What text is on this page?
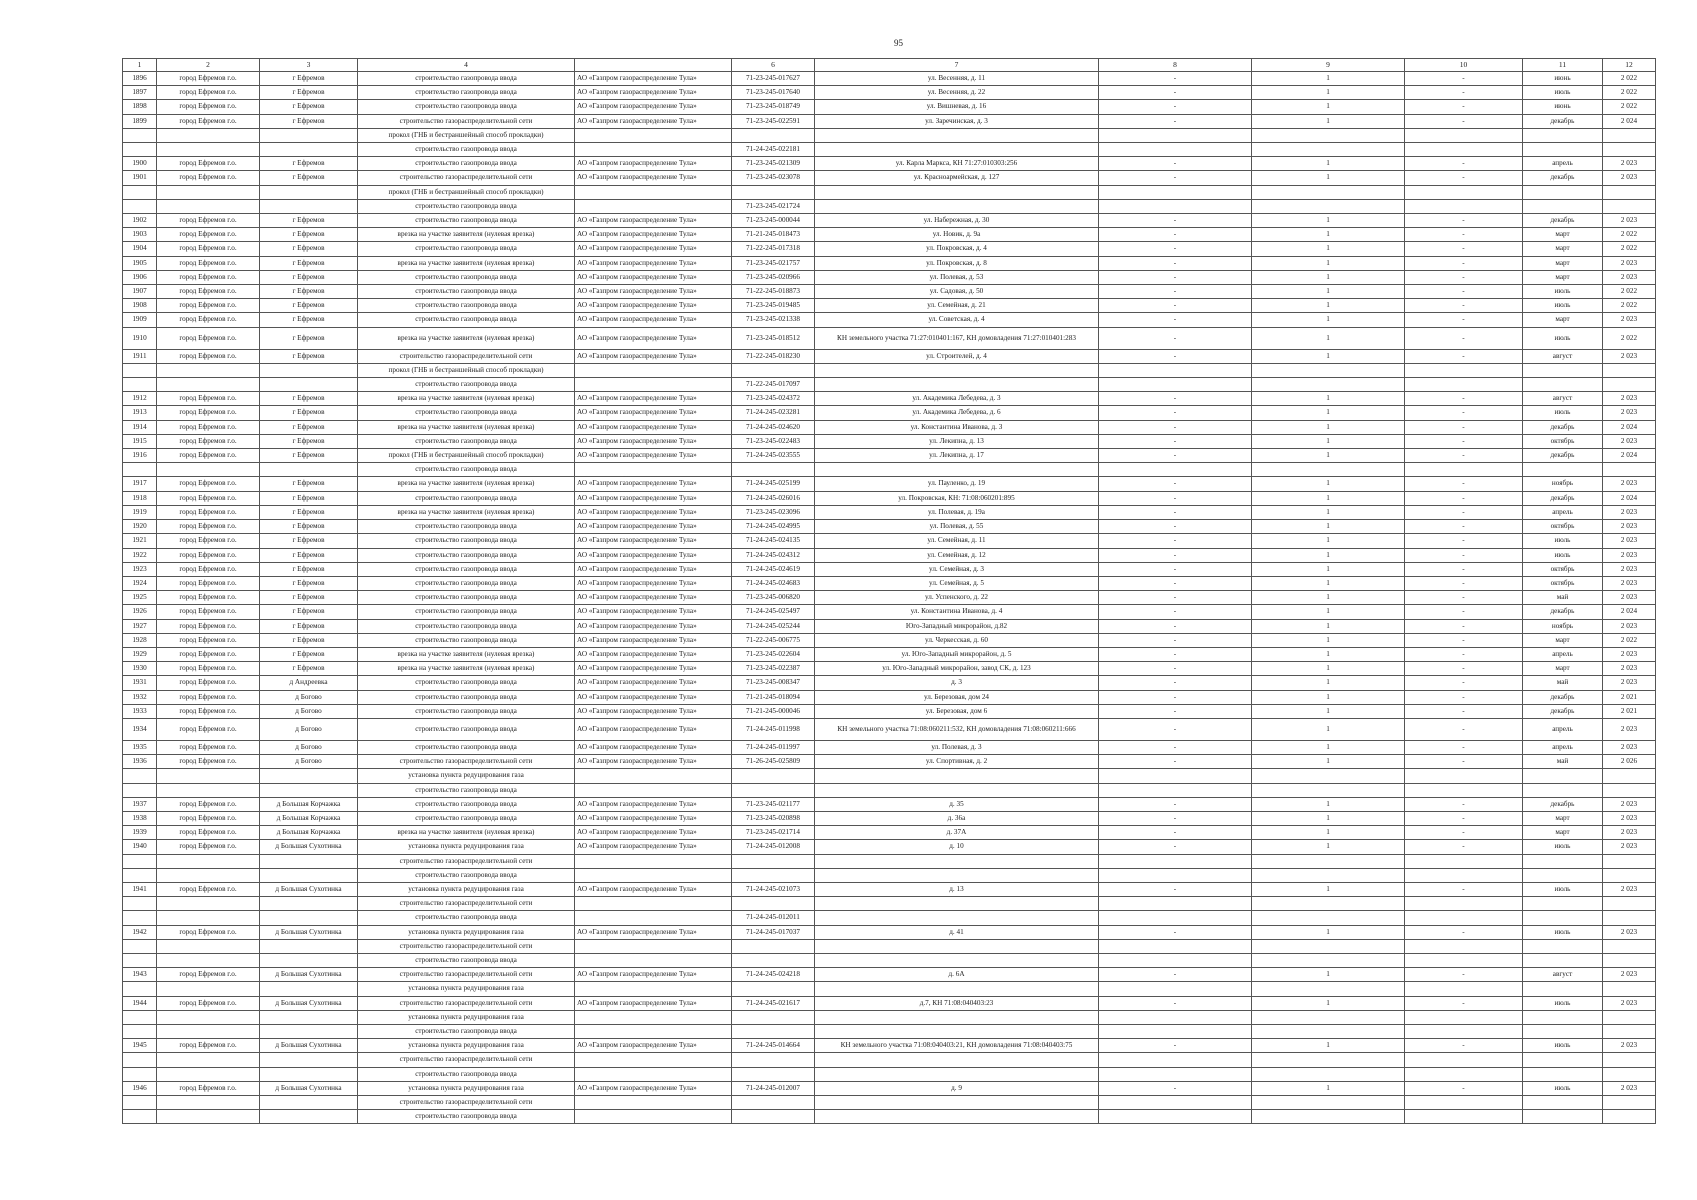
95
1	2	3	4		6	7	8	9	10	11	12
1896	город Ефремов г.о.	г Ефремов	строительство газопровода ввода	АО «Газпром газораспределение Тула»	71-23-245-017627	ул. Весенняя, д. 11	-	1	-	июнь	2 022
1897	город Ефремов г.о.	г Ефремов	строительство газопровода ввода	АО «Газпром газораспределение Тула»	71-23-245-017640	ул. Весенняя, д. 22	-	1	-	июль	2 022
1898	город Ефремов г.о.	г Ефремов	строительство газопровода ввода	АО «Газпром газораспределение Тула»	71-23-245-018749	ул. Вишневая, д. 16	-	1	-	июнь	2 022
1899	город Ефремов г.о.	г Ефремов	строительство газораспределительной сети	АО «Газпром газораспределение Тула»	71-23-245-022591	ул. Заречинская, д. 3	-	1	-	декабрь	2 024
			прокол (ГНБ и бестраншейный способ прокладки)								
			строительство газопровода ввода		71-24-245-022181						
1900	город Ефремов г.о.	г Ефремов	строительство газопровода ввода	АО «Газпром газораспределение Тула»	71-23-245-021309	ул. Карла Маркса, КН 71:27:010303:256	-	1	-	апрель	2 023
1901	город Ефремов г.о.	г Ефремов	строительство газораспределительной сети	АО «Газпром газораспределение Тула»	71-23-245-023078	ул. Красноармейская, д. 127	-	1	-	декабрь	2 023
			прокол (ГНБ и бестраншейный способ прокладки)								
			строительство газопровода ввода		71-23-245-021724						
1902	город Ефремов г.о.	г Ефремов	строительство газопровода ввода	АО «Газпром газораспределение Тула»	71-23-245-000044	ул. Набережная, д. 30	-	1	-	декабрь	2 023
1903	город Ефремов г.о.	г Ефремов	врезка на участке заявителя (нулевая врезка)	АО «Газпром газораспределение Тула»	71-21-245-018473	ул. Новик, д. 9а	-	1	-	март	2 022
1904	город Ефремов г.о.	г Ефремов	строительство газопровода ввода	АО «Газпром газораспределение Тула»	71-22-245-017318	ул. Покровская, д. 4	-	1	-	март	2 022
1905	город Ефремов г.о.	г Ефремов	врезка на участке заявителя (нулевая врезка)	АО «Газпром газораспределение Тула»	71-23-245-021757	ул. Покровская, д. 8	-	1	-	март	2 023
1906	город Ефремов г.о.	г Ефремов	строительство газопровода ввода	АО «Газпром газораспределение Тула»	71-23-245-020966	ул. Полевая, д. 53	-	1	-	март	2 023
1907	город Ефремов г.о.	г Ефремов	строительство газопровода ввода	АО «Газпром газораспределение Тула»	71-22-245-018873	ул. Садовая, д. 50	-	1	-	июль	2 022
1908	город Ефремов г.о.	г Ефремов	строительство газопровода ввода	АО «Газпром газораспределение Тула»	71-23-245-019485	ул. Семейная, д. 21	-	1	-	июль	2 022
1909	город Ефремов г.о.	г Ефремов	строительство газопровода ввода	АО «Газпром газораспределение Тула»	71-23-245-021338	ул. Советская, д. 4	-	1	-	март	2 023
1910	город Ефремов г.о.	г Ефремов	врезка на участке заявителя (нулевая врезка)	АО «Газпром газораспределение Тула»	71-23-245-018512	КН земельного участка 71:27:010401:167, КН домовладения 71:27:010401:283	-	1	-	июль	2 022
1911	город Ефремов г.о.	г Ефремов	строительство газораспределительной сети	АО «Газпром газораспределение Тула»	71-22-245-018230	ул. Строителей, д. 4	-	1	-	август	2 023
			прокол (ГНБ и бестраншейный способ прокладки)								
			строительство газопровода ввода		71-22-245-017097						
1912	город Ефремов г.о.	г Ефремов	врезка на участке заявителя (нулевая врезка)	АО «Газпром газораспределение Тула»	71-23-245-024372	ул. Академика Лебедева, д. 3	-	1	-	август	2 023
1913	город Ефремов г.о.	г Ефремов	строительство газопровода ввода	АО «Газпром газораспределение Тула»	71-24-245-023281	ул. Академика Лебедева, д. 6	-	1	-	июль	2 023
1914	город Ефремов г.о.	г Ефремов	врезка на участке заявителя (нулевая врезка)	АО «Газпром газораспределение Тула»	71-24-245-024620	ул. Константина Иванова, д. 3	-	1	-	декабрь	2 024
1915	город Ефремов г.о.	г Ефремов	строительство газопровода ввода	АО «Газпром газораспределение Тула»	71-23-245-022483	ул. Лекипна, д. 13	-	1	-	октябрь	2 023
1916	город Ефремов г.о.	г Ефремов	прокол (ГНБ и бестраншейный способ прокладки)	АО «Газпром газораспределение Тула»	71-24-245-023555	ул. Лекипна, д. 17	-	1	-	декабрь	2 024
			строительство газопровода ввода								
1917	город Ефремов г.о.	г Ефремов	врезка на участке заявителя (нулевая врезка)	АО «Газпром газораспределение Тула»	71-24-245-025199	ул. Пауленко, д. 19	-	1	-	ноябрь	2 023
1918	город Ефремов г.о.	г Ефремов	строительство газопровода ввода	АО «Газпром газораспределение Тула»	71-24-245-026016	ул. Покровская, КН: 71:08:060201:895	-	1	-	декабрь	2 024
1919	город Ефремов г.о.	г Ефремов	врезка на участке заявителя (нулевая врезка)	АО «Газпром газораспределение Тула»	71-23-245-023096	ул. Полевая, д. 19а	-	1	-	апрель	2 023
1920	город Ефремов г.о.	г Ефремов	строительство газопровода ввода	АО «Газпром газораспределение Тула»	71-24-245-024995	ул. Полевая, д. 55	-	1	-	октябрь	2 023
1921	город Ефремов г.о.	г Ефремов	строительство газопровода ввода	АО «Газпром газораспределение Тула»	71-24-245-024135	ул. Семейная, д. 11	-	1	-	июль	2 023
1922	город Ефремов г.о.	г Ефремов	строительство газопровода ввода	АО «Газпром газораспределение Тула»	71-24-245-024312	ул. Семейная, д. 12	-	1	-	июль	2 023
1923	город Ефремов г.о.	г Ефремов	строительство газопровода ввода	АО «Газпром газораспределение Тула»	71-24-245-024619	ул. Семейная, д. 3	-	1	-	октябрь	2 023
1924	город Ефремов г.о.	г Ефремов	строительство газопровода ввода	АО «Газпром газораспределение Тула»	71-24-245-024683	ул. Семейная, д. 5	-	1	-	октябрь	2 023
1925	город Ефремов г.о.	г Ефремов	строительство газопровода ввода	АО «Газпром газораспределение Тула»	71-23-245-006820	ул. Успенского, д. 22	-	1	-	май	2 023
1926	город Ефремов г.о.	г Ефремов	строительство газопровода ввода	АО «Газпром газораспределение Тула»	71-24-245-025497	ул. Константина Иванова, д. 4	-	1	-	декабрь	2 024
1927	город Ефремов г.о.	г Ефремов	строительство газопровода ввода	АО «Газпром газораспределение Тула»	71-24-245-025244	Юго-Западный микрорайон, д.82	-	1	-	ноябрь	2 023
1928	город Ефремов г.о.	г Ефремов	строительство газопровода ввода	АО «Газпром газораспределение Тула»	71-22-245-006775	ул. Черкесская, д. 60	-	1	-	март	2 022
1929	город Ефремов г.о.	г Ефремов	врезка на участке заявителя (нулевая врезка)	АО «Газпром газораспределение Тула»	71-23-245-022604	ул. Юго-Западный микрорайон, д. 5	-	1	-	апрель	2 023
1930	город Ефремов г.о.	г Ефремов	врезка на участке заявителя (нулевая врезка)	АО «Газпром газораспределение Тула»	71-23-245-022387	ул. Юго-Западный микрорайон, завод СК, д. 123	-	1	-	март	2 023
1931	город Ефремов г.о.	д Андреевка	строительство газопровода ввода	АО «Газпром газораспределение Тула»	71-23-245-008347	д. 3	-	1	-	май	2 023
1932	город Ефремов г.о.	д Богово	строительство газопровода ввода	АО «Газпром газораспределение Тула»	71-21-245-018094	ул. Березовая, дом 24	-	1	-	декабрь	2 021
1933	город Ефремов г.о.	д Богово	строительство газопровода ввода	АО «Газпром газораспределение Тула»	71-21-245-000046	ул. Березовая, дом 6	-	1	-	декабрь	2 021
1934	город Ефремов г.о.	д Богово	строительство газопровода ввода	АО «Газпром газораспределение Тула»	71-24-245-011998	КН земельного участка 71:08:060211:532, КН домовладения 71:08:060211:666	-	1	-	апрель	2 023
1935	город Ефремов г.о.	д Богово	строительство газопровода ввода	АО «Газпром газораспределение Тула»	71-24-245-011997	ул. Полевая, д. 3	-	1	-	апрель	2 023
1936	город Ефремов г.о.	д Богово	строительство газораспределительной сети	АО «Газпром газораспределение Тула»	71-26-245-025809	ул. Спортивная, д. 2	-	1	-	май	2 026
			установка пункта редуцирования газа								
			строительство газопровода ввода								
1937	город Ефремов г.о.	д Большая Корчажка	строительство газопровода ввода	АО «Газпром газораспределение Тула»	71-23-245-021177	д. 35	-	1	-	декабрь	2 023
1938	город Ефремов г.о.	д Большая Корчажка	строительство газопровода ввода	АО «Газпром газораспределение Тула»	71-23-245-020898	д. 36а	-	1	-	март	2 023
1939	город Ефремов г.о.	д Большая Корчажка	врезка на участке заявителя (нулевая врезка)	АО «Газпром газораспределение Тула»	71-23-245-021714	д. 37А	-	1	-	март	2 023
1940	город Ефремов г.о.	д Большая Сухотинка	установка пункта редуцирования газа	АО «Газпром газораспределение Тула»	71-24-245-012008	д. 10	-	1	-	июль	2 023
			строительство газораспределительной сети								
			строительство газопровода ввода								
1941	город Ефремов г.о.	д Большая Сухотинка	установка пункта редуцирования газа	АО «Газпром газораспределение Тула»	71-24-245-021073	д. 13	-	1	-	июль	2 023
			строительство газораспределительной сети								
			строительство газопровода ввода		71-24-245-012011						
1942	город Ефремов г.о.	д Большая Сухотинка	установка пункта редуцирования газа	АО «Газпром газораспределение Тула»	71-24-245-017037	д. 41	-	1	-	июль	2 023
			строительство газораспределительной сети								
			строительство газопровода ввода								
1943	город Ефремов г.о.	д Большая Сухотинка	строительство газораспределительной сети	АО «Газпром газораспределение Тула»	71-24-245-024218	д. 6А	-	1	-	август	2 023
			установка пункта редуцирования газа								
1944	город Ефремов г.о.	д Большая Сухотинка	строительство газораспределительной сети	АО «Газпром газораспределение Тула»	71-24-245-021617	д.7, КН 71:08:040403:23	-	1	-	июль	2 023
			установка пункта редуцирования газа								
			строительство газопровода ввода								
1945	город Ефремов г.о.	д Большая Сухотинка	установка пункта редуцирования газа	АО «Газпром газораспределение Тула»	71-24-245-014664	КН земельного участка 71:08:040403:21, КН домовладения 71:08:040403:75	-	1	-	июль	2 023
			строительство газораспределительной сети								
			строительство газопровода ввода								
1946	город Ефремов г.о.	д Большая Сухотинка	установка пункта редуцирования газа	АО «Газпром газораспределение Тула»	71-24-245-012007	д. 9	-	1	-	июль	2 023
			строительство газораспределительной сети								
			строительство газопровода ввода								
